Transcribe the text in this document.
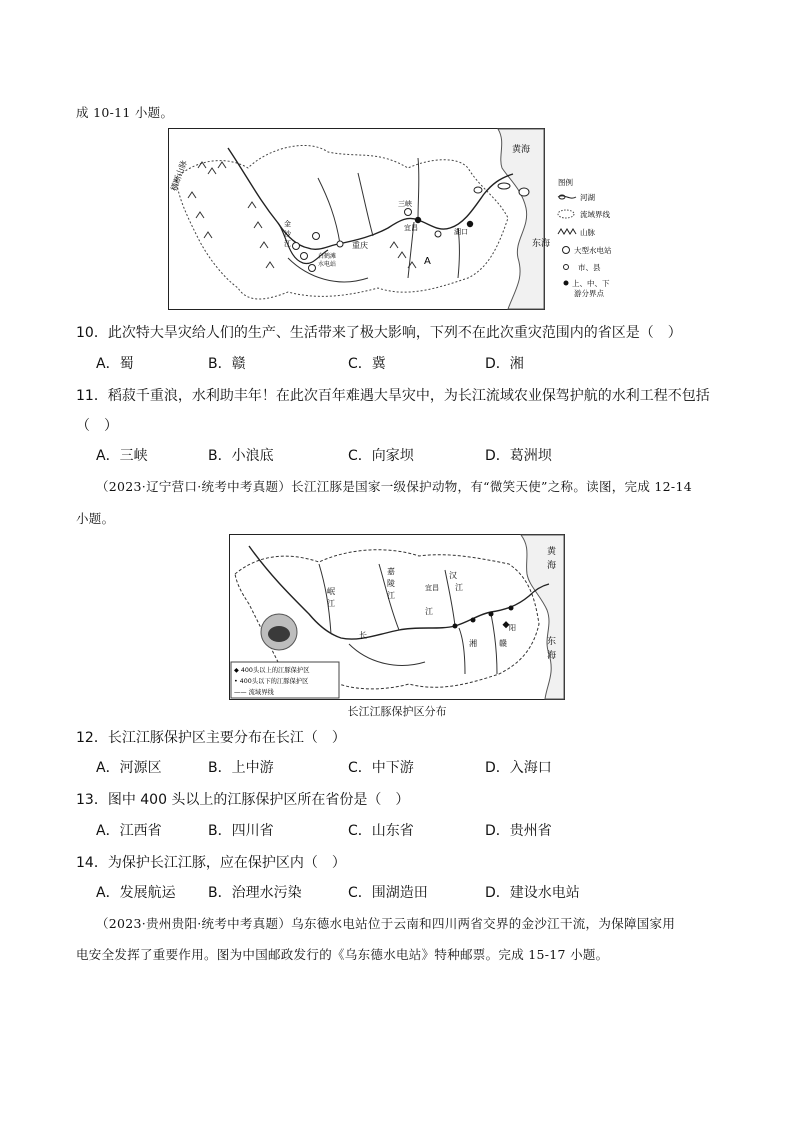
成 10-11 小题。
横断山脉
黄海
东海
三峡
宜昌	湖口
重庆
白鹤滩
水电站	A
金
沙
江
图例
河湖
流域界线
山脉
大型水电站
市、县
上、中、下
游分界点
10．此次特大旱灾给人们的生产、生活带来了极大影响，下列不在此次重灾范围内的省区是（　）
A．蜀	B．赣	C．冀	D．湘
11．稻菽千重浪，水利助丰年！在此次百年难遇大旱灾中，为长江流域农业保驾护航的水利工程不包括
（　）
A．三峡	B．小浪底	C．向家坝	D．葛洲坝
（2023·辽宁营口·统考中考真题）长江江豚是国家一级保护动物，有“微笑天使”之称。读图，完成 12-14
小题。
黄
海
东
海
嘉
陵
江
汉
江
宜昌
岷
江
长
江
湘	赣
阳
◆ 400头以上的江豚保护区
• 400头以下的江豚保护区
—— 流域界线
长江江豚保护区分布
12．长江江豚保护区主要分布在长江（　）
A．河源区	B．上中游	C．中下游	D．入海口
13．图中 400 头以上的江豚保护区所在省份是（　）
A．江西省	B．四川省	C．山东省	D．贵州省
14．为保护长江江豚，应在保护区内（　）
A．发展航运 B．治理水污染	C．围湖造田	D．建设水电站
（2023·贵州贵阳·统考中考真题）乌东德水电站位于云南和四川两省交界的金沙江干流，为保障国家用
电安全发挥了重要作用。图为中国邮政发行的《乌东德水电站》特种邮票。完成 15-17 小题。
